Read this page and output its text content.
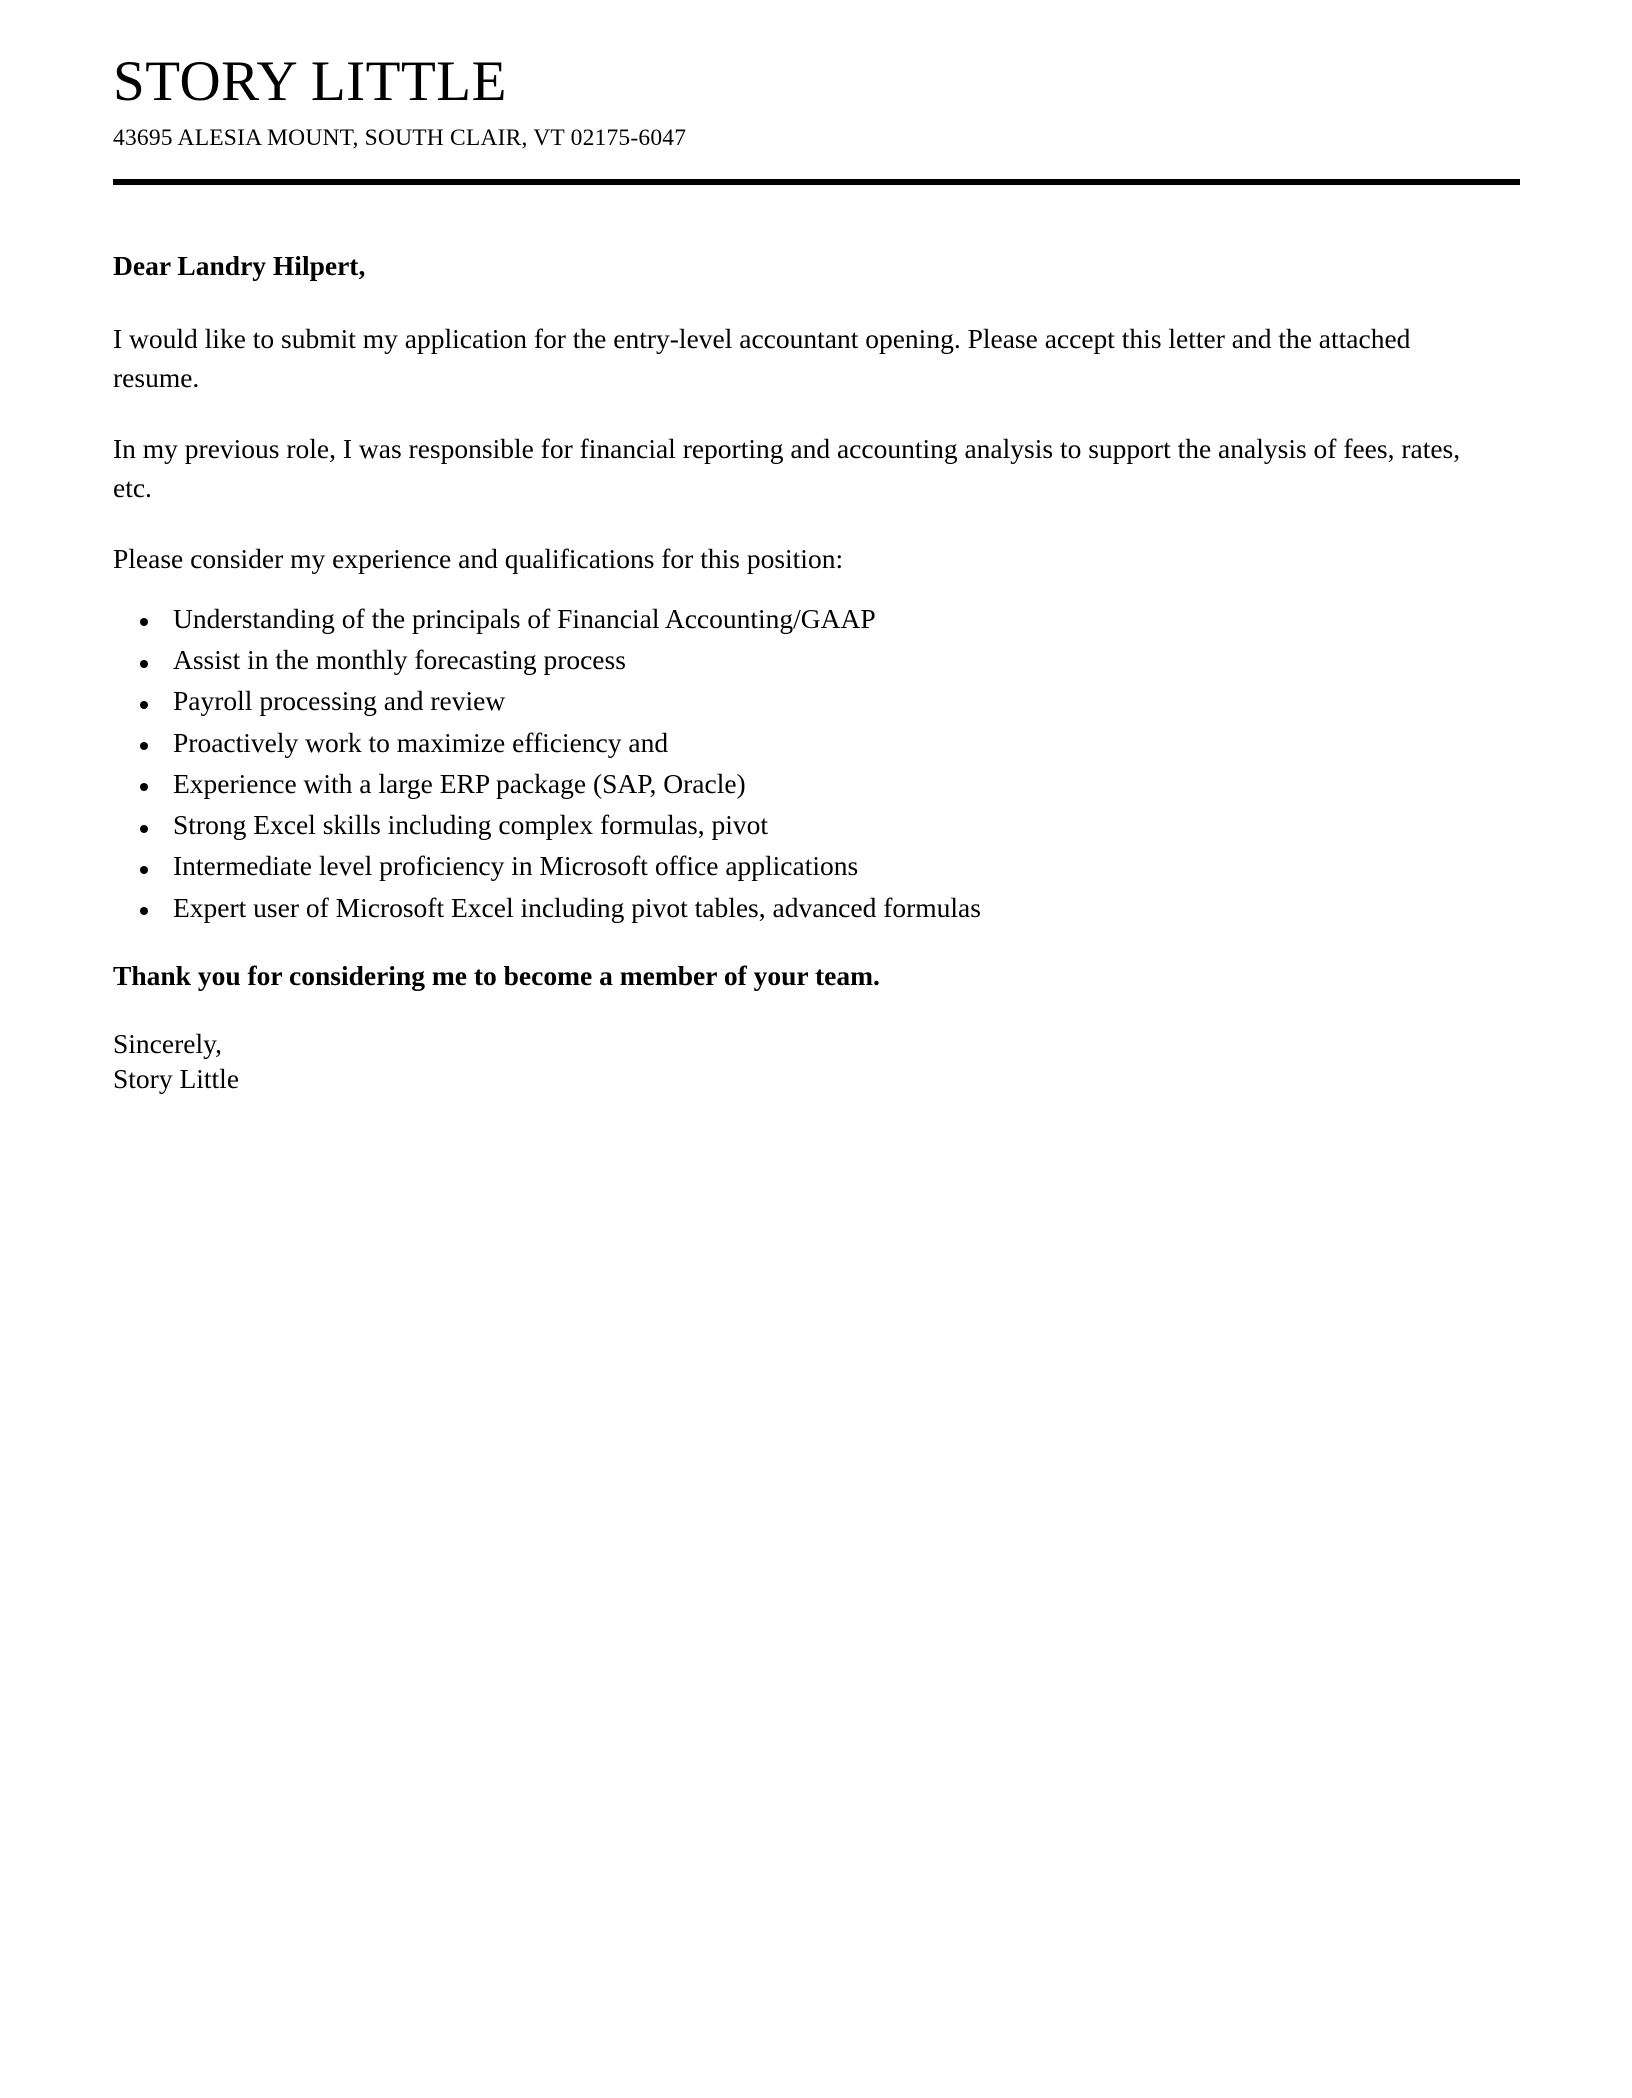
STORY LITTLE
43695 ALESIA MOUNT, SOUTH CLAIR, VT 02175-6047

Dear Landry Hilpert,

I would like to submit my application for the entry-level accountant opening. Please accept this letter and the attached resume.

In my previous role, I was responsible for financial reporting and accounting analysis to support the analysis of fees, rates, etc.

Please consider my experience and qualifications for this position:

Understanding of the principals of Financial Accounting/GAAP
Assist in the monthly forecasting process
Payroll processing and review
Proactively work to maximize efficiency and
Experience with a large ERP package (SAP, Oracle)
Strong Excel skills including complex formulas, pivot
Intermediate level proficiency in Microsoft office applications
Expert user of Microsoft Excel including pivot tables, advanced formulas

Thank you for considering me to become a member of your team.

Sincerely,
Story Little
